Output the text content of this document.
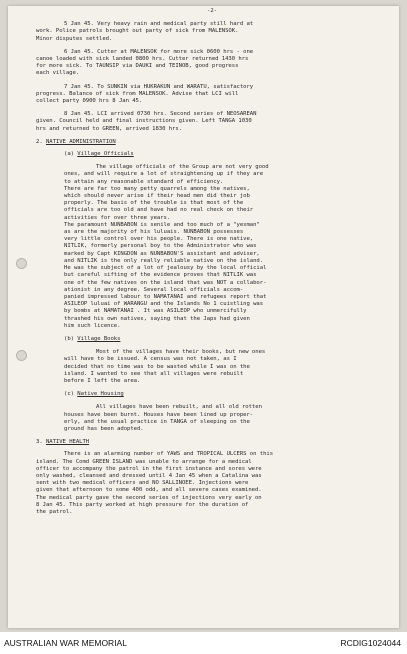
-2-
5 Jan 45. Very heavy rain and medical party still hard at
work. Police patrols brought out party of sick from MALENSOK.
Minor disputes settled.
6 Jan 45. Cutter at MALENSOK for more sick 0600 hrs - one
canoe loaded with sick landed 0800 hrs. Cutter returned 1430 hrs
for more sick. To TAUNSIP via DAUKI and TEINOB, good progress
each village.
7 Jan 45. To SUNKIN via HUKRAKUN and WARATU, satisfactory
progress. Balance of sick from MALENSOK. Advise that LCI will
collect party 0900 hrs 8 Jan 45.
8 Jan 45. LCI arrived 0730 hrs. Second series of NEOSAREAN
given. Council held and final instructions given. Left TANGA 1030
hrs and returned to GREEN, arrived 1830 hrs.
2. NATIVE ADMINISTRATION
(a) Village Officials
The village officials of the Group are not very good
ones, and will require a lot of straightening up if they are
to attain any reasonable standard of efficiency.
There are far too many petty quarrels among the natives,
which should never arise if their head men did their job
properly. The basis of the trouble is that most of the
officials are too old and have had no real check on their
activities for over three years.
The paramount NUNBABON is senile and too much of a "yesman"
as are the majority of his luluais. NUNBABON possesses
very little control over his people. There is one native,
NITLIK, formerly personal boy to the Administrator who was
marked by Capt KINGDON as NUNBABON'S assistant and adviser,
and NITLIK is the only really reliable native on the island.
He was the subject of a lot of jealousy by the local official
but careful sifting of the evidence proves that NITLIK was
one of the few natives on the island that was NOT a collabor-
ationist in any degree. Several local officials accom-
panied impressed labour to NAMATANAI and refugees report that
ASILEOP luluai of WARANGU and the Islands No 1 cuistling was
by bombs at NAMATANAI . It was ASILEOP who unmercifully
thrashed his own natives, saying that the Japs had given
him such licence.
(b) Village Books
Most of the villages have their books, but new ones
will have to be issued. A census was not taken, as I
decided that no time was to be wasted while I was on the
island. I wanted to see that all villages were rebuilt
before I left the area.
(c) Native Housing
All villages have been rebuilt, and all old rotten
houses have been burnt. Houses have been lined up proper-
erly, and the usual practice in TANGA of sleeping on the
ground has been adopted.
3. NATIVE HEALTH
There is an alarming number of YAWS and TROPICAL ULCERS on this
island. The Comd GREEN ISLAND was unable to arrange for a medical
officer to accompany the patrol in the first instance and sores were
only washed, cleansed and dressed until 4 Jan 45 when a Catalina was
sent with two medical officers and NO SALLINOEE. Injections were
given that afternoon to some 400 odd, and all severe cases examined.
The medical party gave the second series of injections very early on
8 Jan 45. This party worked at high pressure for the duration of
the patrol.
AUSTRALIAN WAR MEMORIAL	RCDIG1024044
